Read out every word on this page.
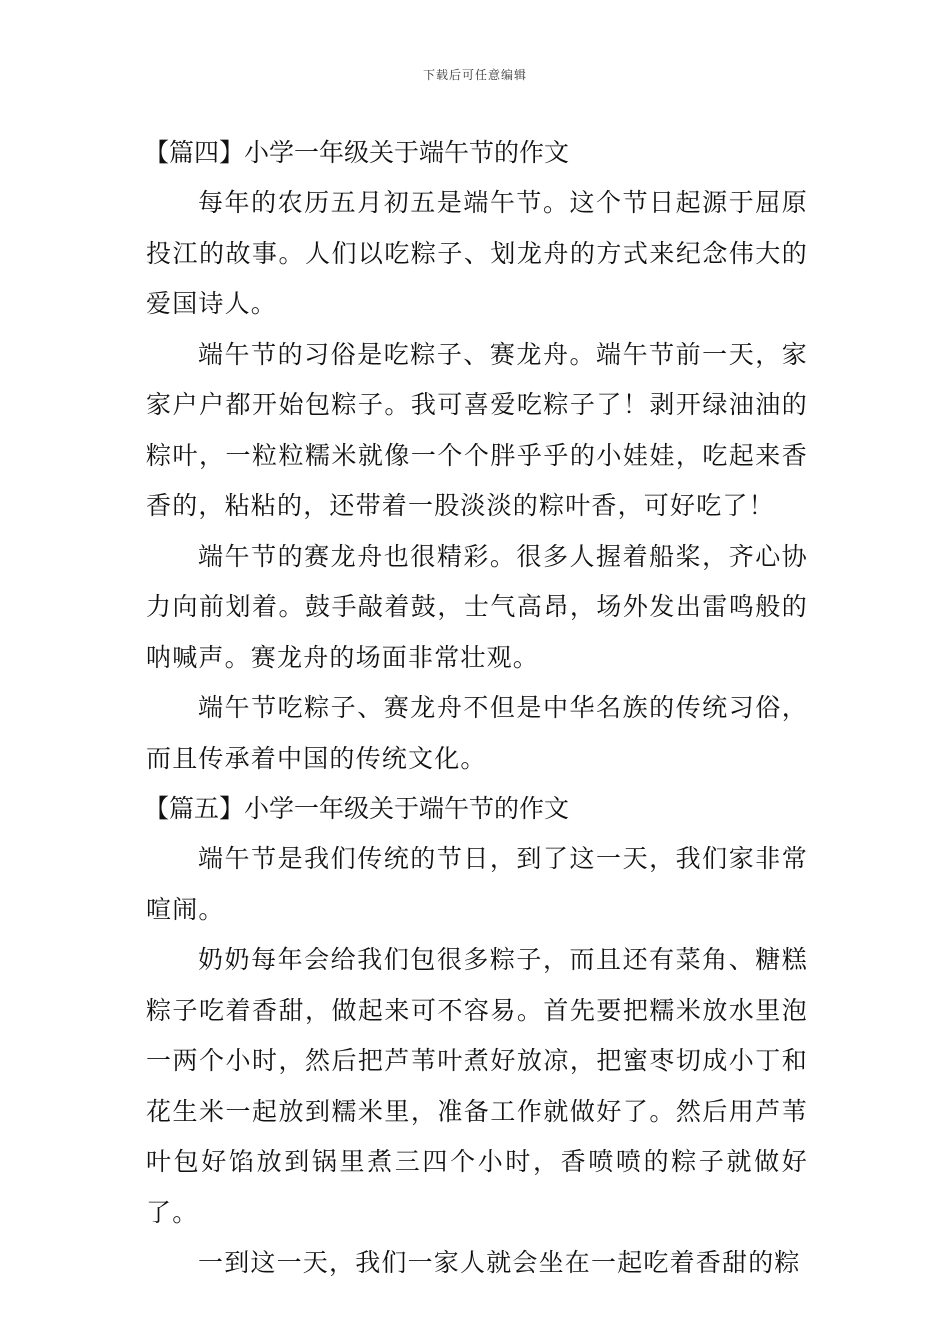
下载后可任意编辑
【篇四】小学一年级关于端午节的作文

每年的农历五月初五是端午节。这个节日起源于屈原投江的故事。人们以吃粽子、划龙舟的方式来纪念伟大的爱国诗人。

端午节的习俗是吃粽子、赛龙舟。端午节前一天，家家户户都开始包粽子。我可喜爱吃粽子了！剥开绿油油的粽叶，一粒粒糯米就像一个个胖乎乎的小娃娃，吃起来香香的，粘粘的，还带着一股淡淡的粽叶香，可好吃了！

端午节的赛龙舟也很精彩。很多人握着船桨，齐心协力向前划着。鼓手敲着鼓，士气高昂，场外发出雷鸣般的呐喊声。赛龙舟的场面非常壮观。

端午节吃粽子、赛龙舟不但是中华名族的传统习俗，而且传承着中国的传统文化。

【篇五】小学一年级关于端午节的作文

端午节是我们传统的节日，到了这一天，我们家非常喧闹。

奶奶每年会给我们包很多粽子，而且还有菜角、糖糕粽子吃着香甜，做起来可不容易。首先要把糯米放水里泡一两个小时，然后把芦苇叶煮好放凉，把蜜枣切成小丁和花生米一起放到糯米里，准备工作就做好了。然后用芦苇叶包好馅放到锅里煮三四个小时，香喷喷的粽子就做好了。

一到这一天，我们一家人就会坐在一起吃着香甜的粽
